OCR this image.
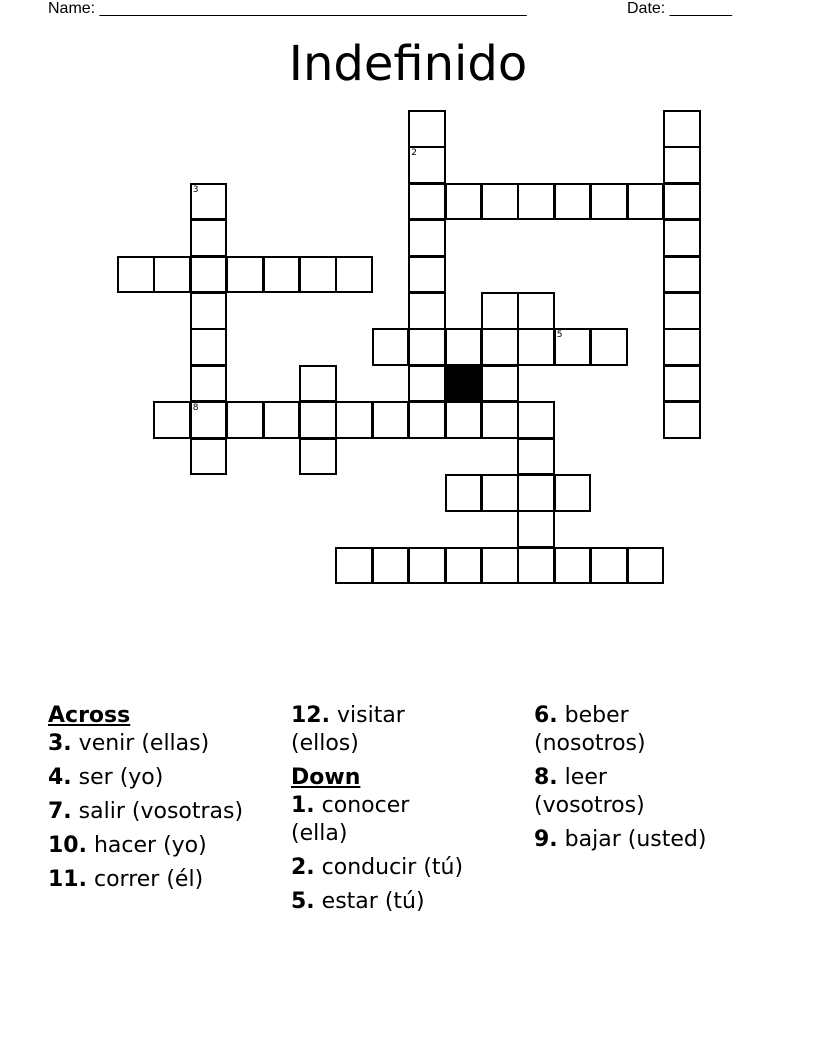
Name: ________________________________________________	Date: _______
Indefinido
8
3
5
2
Across
3. venir (ellas)
4. ser (yo)
7. salir (vosotras)
10. hacer (yo)
11. correr (él)
12. visitar (ellos)
Down
1. conocer (ella)
2. conducir (tú)
5. estar (tú)
6. beber (nosotros)
8. leer (vosotros)
9. bajar (usted)
